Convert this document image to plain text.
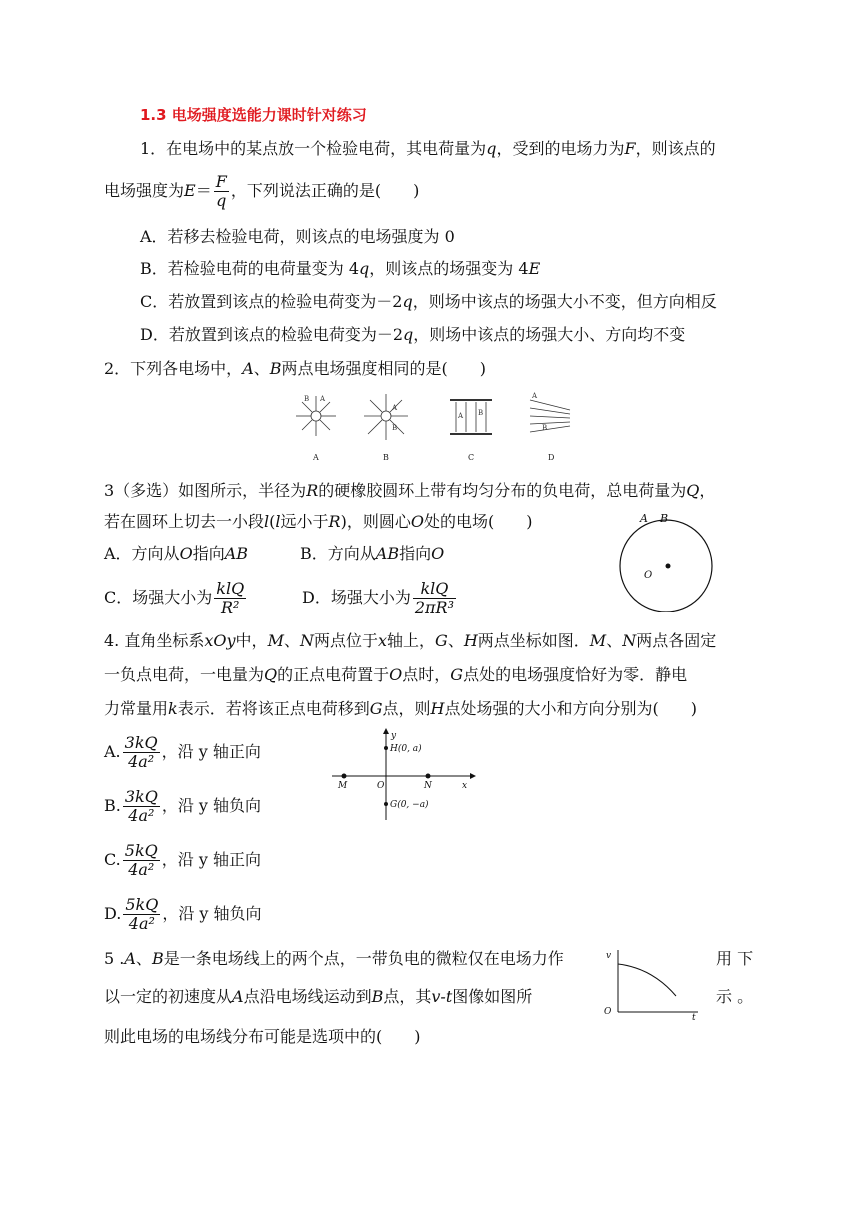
1.3 电场强度选能力课时针对练习
1．在电场中的某点放一个检验电荷，其电荷量为q，受到的电场力为F，则该点的
电场强度为$E= \frac{F}{q}$ ，下列说法正确的是(　　)
A．若移去检验电荷，则该点的电场强度为 0
B．若检验电荷的电荷量变为 4q，则该点的场强变为 4E
C．若放置到该点的检验电荷变为－2q，则场中该点的场强大小不变，但方向相反
D．若放置到该点的检验电荷变为－2q，则场中该点的场强大小、方向均不变
2．下列各电场中，A、B两点电场强度相同的是(　　)
B A
A
B
A B
A
B
A	B	C	D
3（多选）如图所示，半径为R的硬橡胶圆环上带有均匀分布的负电荷，总电荷量为Q，
若在圆环上切去一小段l(l远小于R)，则圆心O处的电场(　　)
A．方向从O指向AB	B．方向从AB指向O
C．场强大小为 $\frac{\text{klQ}}{\text{R²}}$	D．场强大小为 $\frac{\text{klQ}}{\text{2πR³}}$
A B
O
4. 直角坐标系xOy中，M、N两点位于x轴上，G、H两点坐标如图．M、N两点各固定
一负点电荷，一电量为Q的正点电荷置于O点时，G点处的电场强度恰好为零．静电
力常量用k表示．若将该正点电荷移到G点，则H点处场强的大小和方向分别为(　　)
A. $\frac{3kQ}{\text{4a²}}$ ，沿 y 轴正向
B. $\frac{3kQ}{\text{4a²}}$ ，沿 y 轴负向
C. $\frac{5kQ}{\text{4a²}}$ ，沿 y 轴正向
D. $\frac{5kQ}{\text{4a²}}$ ，沿 y 轴负向
y
x
H(0, a)
G(0, −a)
M	N
O
5 .A、B是一条电场线上的两个点，一带负电的微粒仅在电场力作	用 下
以一定的初速度从A点沿电场线运动到B点，其v-t图像如图所	示 。
则此电场的电场线分布可能是选项中的(　　)
v
t
O
